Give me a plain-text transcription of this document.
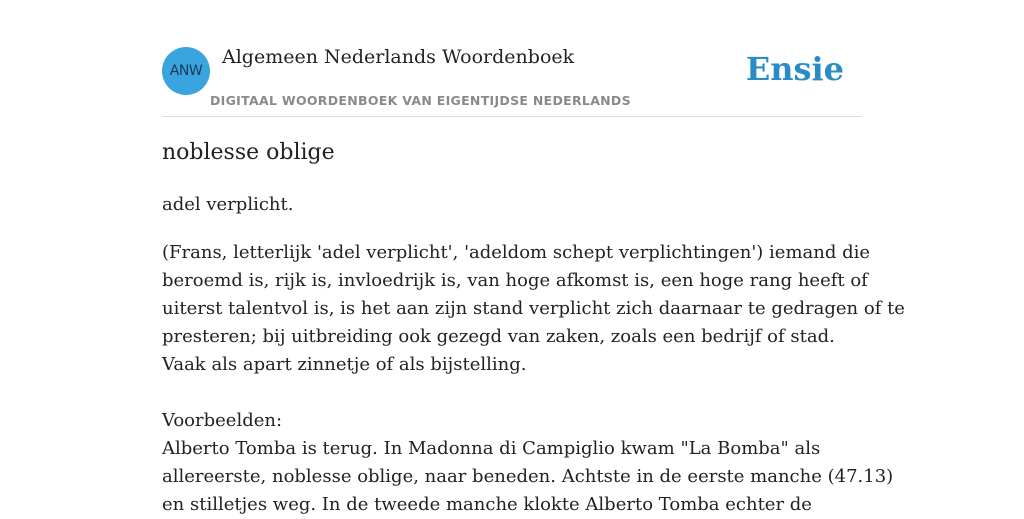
ANW
Algemeen Nederlands Woordenboek
DIGITAAL WOORDENBOEK VAN EIGENTIJDSE NEDERLANDS
Ensie
noblesse oblige

adel verplicht.

(Frans, letterlijk 'adel verplicht', 'adeldom schept verplichtingen') iemand die
beroemd is, rijk is, invloedrijk is, van hoge afkomst is, een hoge rang heeft of
uiterst talentvol is, is het aan zijn stand verplicht zich daarnaar te gedragen of te
presteren; bij uitbreiding ook gezegd van zaken, zoals een bedrijf of stad.
Vaak als apart zinnetje of als bijstelling.
Voorbeelden:
Alberto Tomba is terug. In Madonna di Campiglio kwam "La Bomba" als
allereerste, noblesse oblige, naar beneden. Achtste in de eerste manche (47.13)
en stilletjes weg. In de tweede manche klokte Alberto Tomba echter de
